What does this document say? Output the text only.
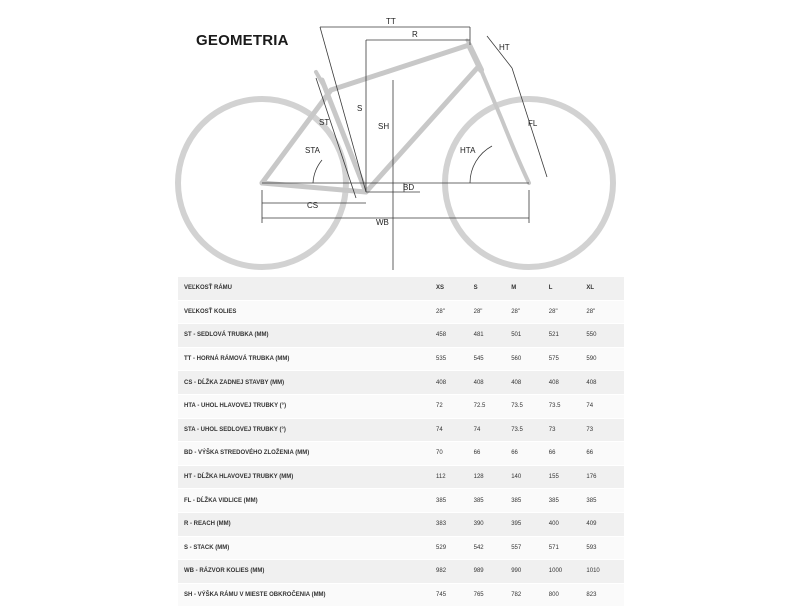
GEOMETRIA
TT
R
HT
S
ST	SH	FL
STA	HTA
BD
CS
WB
VEĽKOSŤ RÁMU	XS	S	M	L	XL
VEĽKOSŤ KOLIES	28"	28"	28"	28"	28"
ST - SEDLOVÁ TRUBKA (MM)	458	481	501	521	550
TT - HORNÁ RÁMOVÁ TRUBKA (MM)	535	545	560	575	590
CS - DĹŽKA ZADNEJ STAVBY (MM)	408	408	408	408	408
HTA - UHOL HLAVOVEJ TRUBKY (°)	72	72.5	73.5	73.5	74
STA - UHOL SEDLOVEJ TRUBKY (°)	74	74	73.5	73	73
BD - VÝŠKA STREDOVÉHO ZLOŽENIA (MM)	70	66	66	66	66
HT - DĹŽKA HLAVOVEJ TRUBKY (MM)	112	128	140	155	176
FL - DĹŽKA VIDLICE (MM)	385	385	385	385	385
R - REACH (MM)	383	390	395	400	409
S - STACK (MM)	529	542	557	571	593
WB - RÁZVOR KOLIES (MM)	982	989	990	1000	1010
SH - VÝŠKA RÁMU V MIESTE OBKROČENIA (MM)	745	765	782	800	823
